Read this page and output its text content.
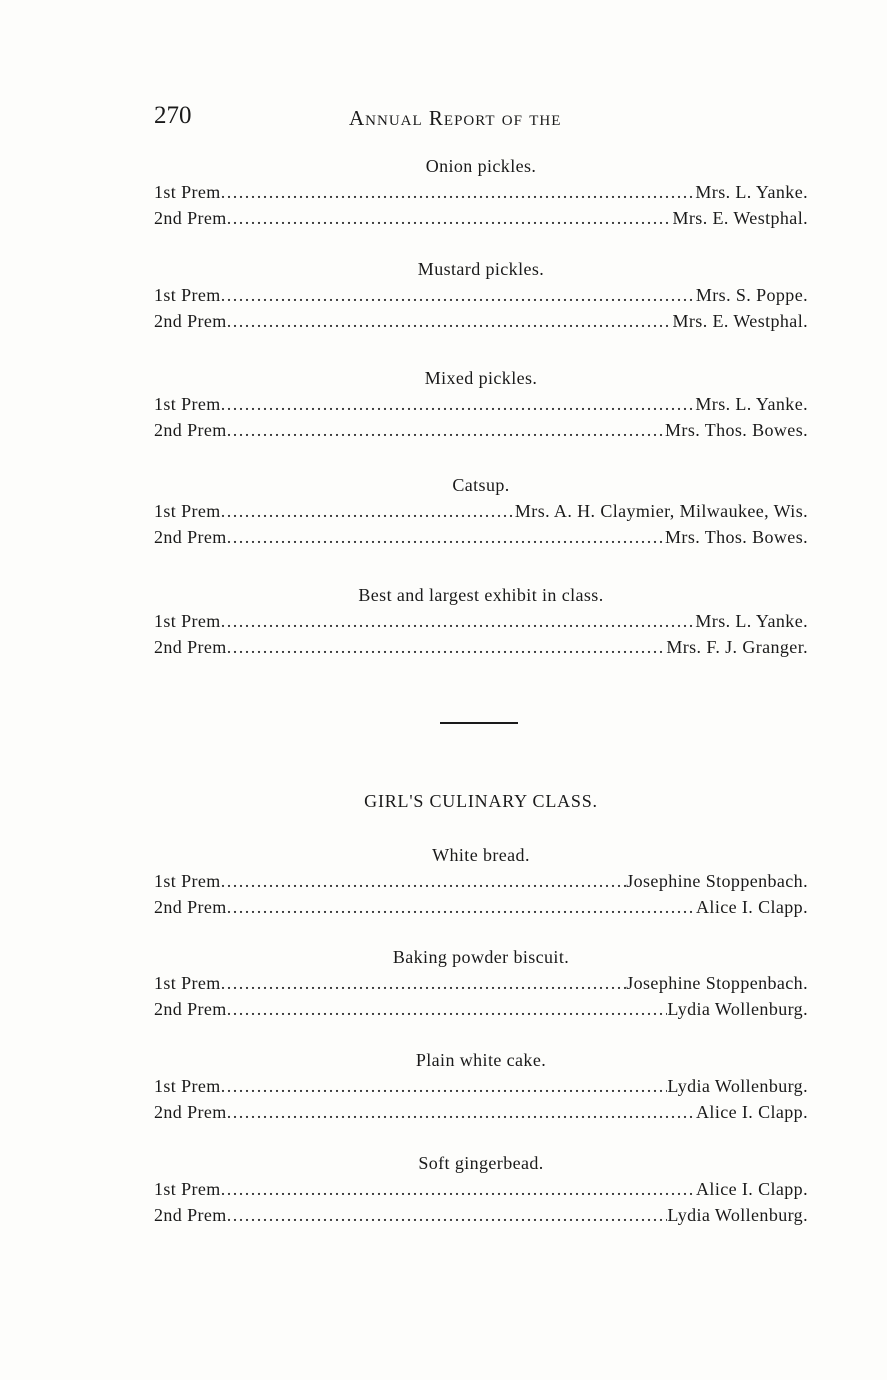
270	Annual Report of the
Onion pickles.
1st Prem .....	Mrs. L. Yanke.
2nd Prem .....	Mrs. E. Westphal.
Mustard pickles.
1st Prem .....	Mrs. S. Poppe.
2nd Prem .....	Mrs. E. Westphal.
Mixed pickles.
1st Prem .....	Mrs. L. Yanke.
2nd Prem .....	Mrs. Thos. Bowes.
Catsup.
1st Prem .....	Mrs. A. H. Claymier, Milwaukee, Wis.
2nd Prem .....	Mrs. Thos. Bowes.
Best and largest exhibit in class.
1st Prem .....	Mrs. L. Yanke.
2nd Prem .....	Mrs. F. J. Granger.
GIRL'S CULINARY CLASS.
White bread.
1st Prem .....	Josephine Stoppenbach.
2nd Prem .....	Alice I. Clapp.
Baking powder biscuit.
1st Prem .....	Josephine Stoppenbach.
2nd Prem .....	Lydia Wollenburg.
Plain white cake.
1st Prem .....	Lydia Wollenburg.
2nd Prem .....	Alice I. Clapp.
Soft gingerbead.
1st Prem .....	Alice I. Clapp.
2nd Prem .....	Lydia Wollenburg.
